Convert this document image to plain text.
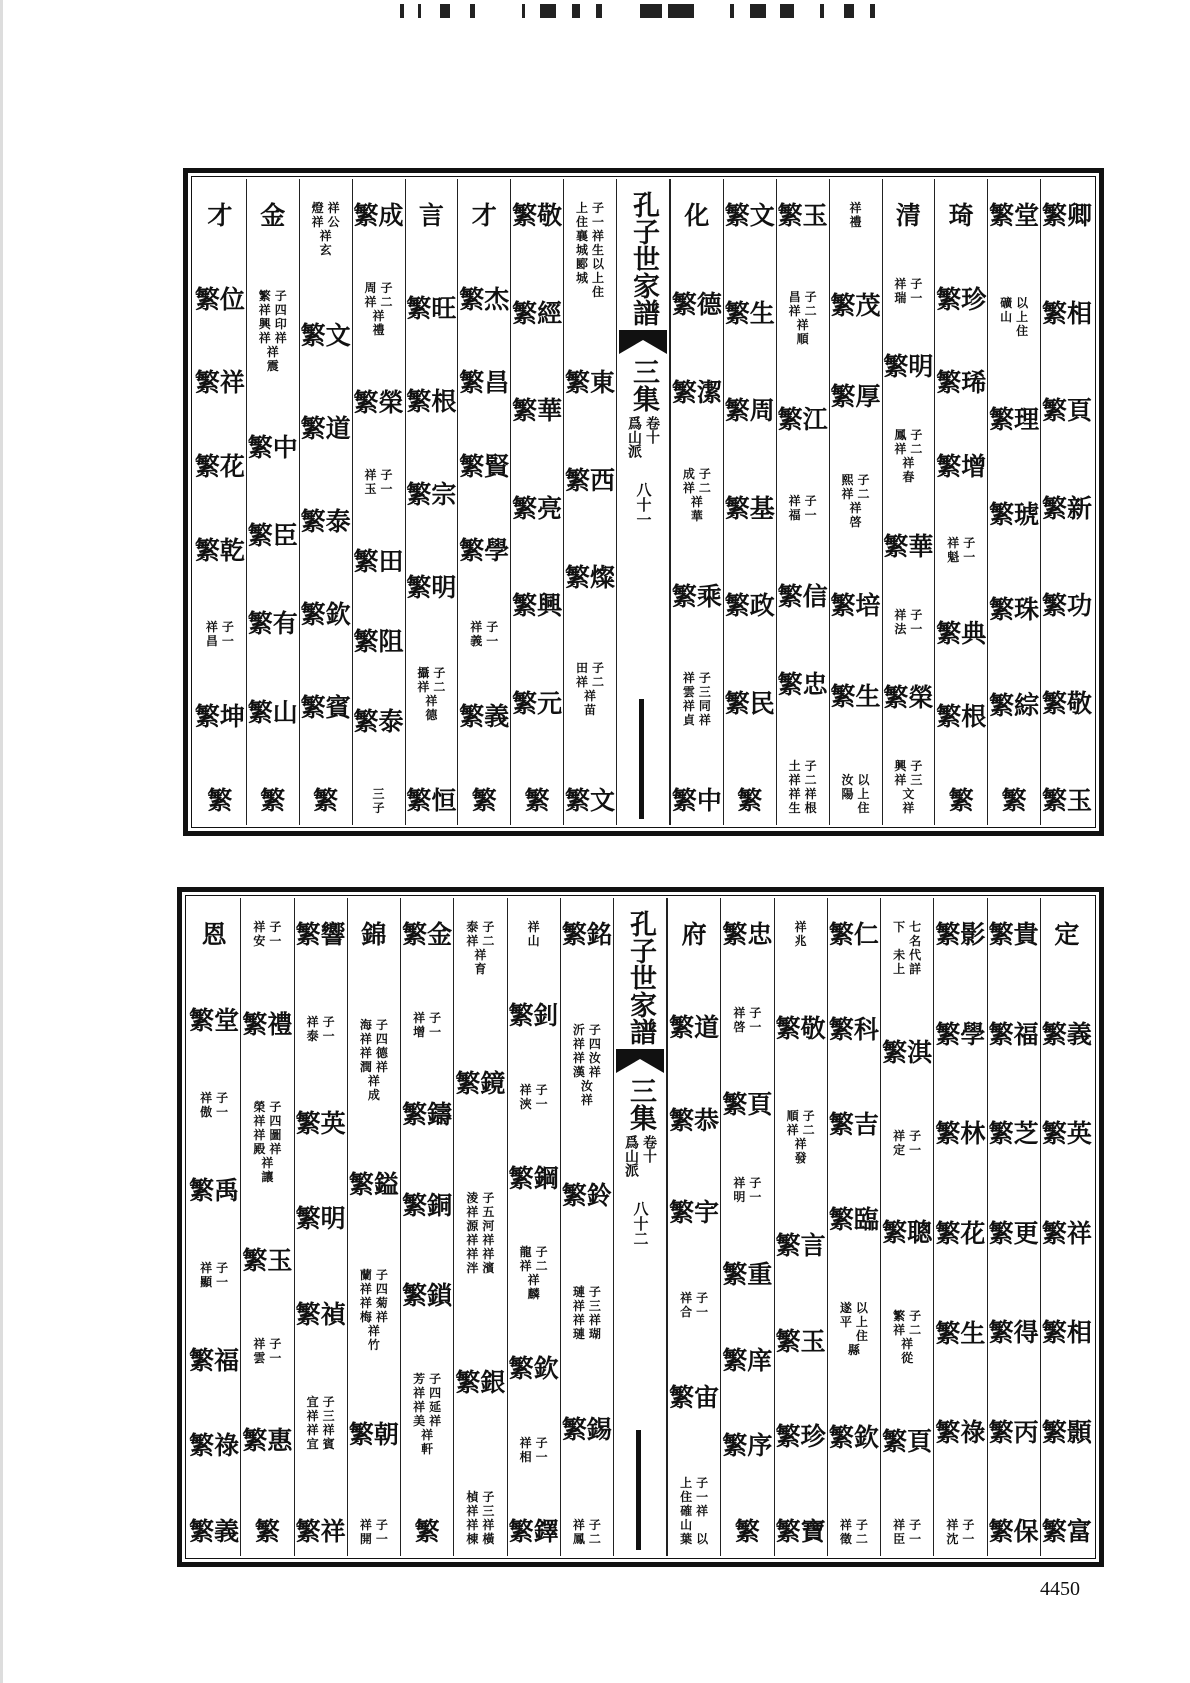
繁卿
繁相
繁頁
繁新
繁功
繁敬
繁玉
繁堂
以上住
礦山
繁理
繁琥
繁珠
繁綜
繁
琦
繁珍
繁琋
繁增
子一
祥魁
繁典
繁根
繁
清
子一
祥瑞
繁明
子二
鳳祥
祥春
繁華
子一
祥法
繁榮
子三
興祥
文祥
祥禮
繁茂
繁厚
子二
熙祥
祥啓
繁培
繁生
以上住
汝陽
繁玉
子二
昌祥
祥順
繁江
子一
祥福
繁信
繁忠
子二
土祥
祥根
祥生
繁文
繁生
繁周
繁基
繁政
繁民
繁
化
繁德
繁潔
子二
成祥
祥華
繁乘
子三
祥雲
同祥
祥貞
繁中
孔子世家譜
三集
卷十
爲山派
八十一
子一
上住
祥生
襄城
以上住
郾城
繁東
繁西
繁燦
子二
田祥
祥苗
繁文
繁敬
繁經
繁華
繁亮
繁興
繁元
繁
才
繁杰
繁昌
繁賢
繁學
子一
祥義
繁義
繁
言
繁旺
繁根
繁宗
繁明
子二
攝祥
祥德
繁恒
繁成
子二
周祥
祥禮
繁榮
子一
祥玉
繁田
繁阻
繁泰
三子
祥公
燈祥
祥玄
繁文
繁道
繁泰
繁欽
繁賓
繁
金
子四
繁祥
印祥
興祥
祥震
繁中
繁臣
繁有
繁山
繁
才
繁位
繁祥
繁花
繁乾
子一
祥昌
繁坤
繁
定
繁義
繁英
繁祥
繁相
繁顥
繁富
繁貴
繁福
繁芝
繁更
繁得
繁丙
繁保
繁影
繁學
繁林
繁花
繁生
繁祿
子一
祥沈
七名
下
代
未
詳
上
繁淇
子一
祥定
繁聰
子二
繁祥
祥從
繁頁
子一
祥臣
繁仁
繁科
繁吉
繁臨
以上住
遂平
縣
繁欽
子二
祥徵
祥兆
繁敬
子二
順祥
祥發
繁言
繁玉
繁珍
繁寶
繁忠
子一
祥啓
繁頁
子一
祥明
繁重
繁庠
繁序
繁
府
繁道
繁恭
繁宇
子一
祥合
繁宙
子一
上住
祥
確山
以
葉
孔子世家譜
三集
卷十
爲山派
八十二
繁銘
子四
沂祥
汝祥
祥漢
汝祥
繁鈴
子三
璉祥
祥瑚
祥璉
繁錫
子二
祥鳳
祥山
繁釗
子一
祥浹
繁鋼
子二
龍祥
祥麟
繁欽
子一
祥相
繁鐸
子二
泰祥
祥育
繁鏡
子五
淩祥
河祥
源祥
祥濱
祥泮
繁銀
子三
楨祥
祥橫
祥棟
繁金
子一
祥增
繁鑄
繁銅
繁鎖
子四
芳祥
延祥
祥美
祥軒
繁
錦
子四
海祥
德祥
祥潤
祥成
繁鎰
子四
蘭祥
菊祥
祥梅
祥竹
繁朝
子一
祥開
繁響
子一
祥泰
繁英
繁明
繁禎
子三
宜祥
祥賓
祥宜
繁祥
子一
祥安
繁禮
子四
榮祥
圖祥
祥殿
祥讓
繁玉
子一
祥雲
繁惠
繁
恩
繁堂
子一
祥傲
繁禹
子一
祥顯
繁福
繁祿
繁義
4450
